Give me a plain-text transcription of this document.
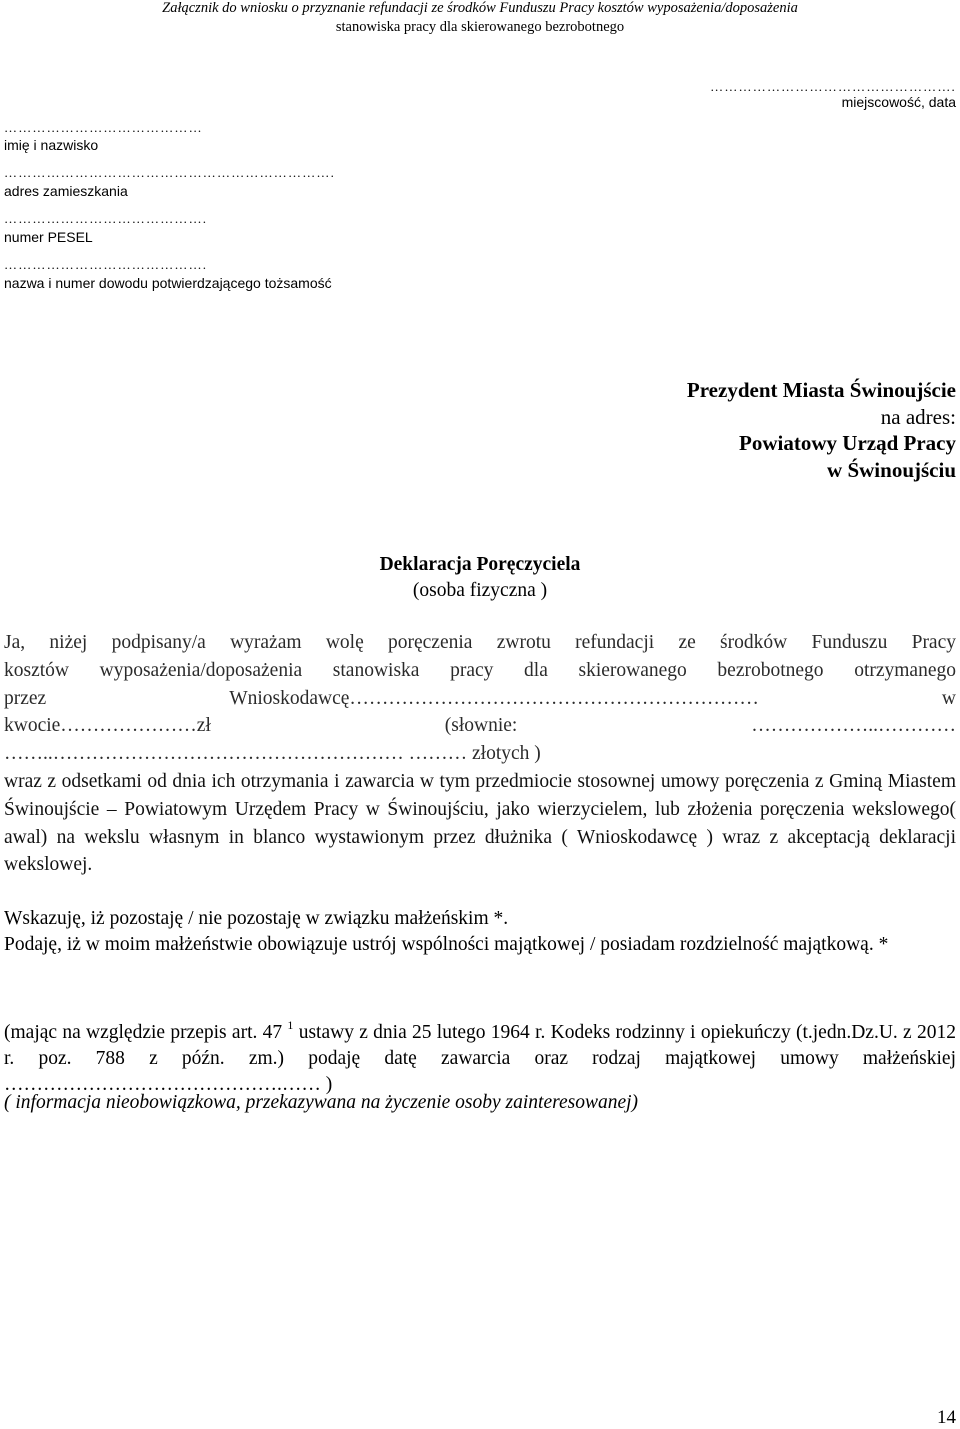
Załącznik do wniosku o przyznanie refundacji ze środków Funduszu Pracy kosztów wyposażenia/doposażenia
stanowiska pracy dla skierowanego bezrobotnego
…………………………………………….
miejscowość, data
……………………………………
imię i nazwisko
…………………………………………………………….
adres zamieszkania
…………………………………….
numer PESEL
…………………………………….
nazwa i numer dowodu potwierdzającego tożsamość
Prezydent Miasta Świnoujście
na adres:
Powiatowy Urząd Pracy
w Świnoujściu
Deklaracja Poręczyciela
(osoba fizyczna )
Ja, niżej podpisany/a wyrażam wolę poręczenia zwrotu refundacji ze środków Funduszu Pracy
kosztów wyposażenia/doposażenia stanowiska pracy dla skierowanego bezrobotnego otrzymanego
przez	Wnioskodawcę………………………………………………………	w
kwocie…………………zł	(słownie:	………………..…………
……..……………………………………………… ……… złotych )
wraz z odsetkami od dnia ich otrzymania i zawarcia w tym przedmiocie stosownej umowy poręczenia z Gminą Miastem Świnoujście – Powiatowym Urzędem Pracy w Świnoujściu, jako wierzycielem, lub złożenia poręczenia wekslowego( awal) na wekslu własnym in blanco wystawionym przez dłużnika ( Wnioskodawcę ) wraz z akceptacją deklaracji wekslowej.
Wskazuję, iż pozostaję / nie pozostaję w związku małżeńskim *.
Podaję, iż w moim małżeństwie obowiązuje ustrój wspólności majątkowej / posiadam rozdzielność majątkową. *
(mając na względzie przepis art. 47 $^1$ ustawy z dnia 25 lutego 1964 r. Kodeks rodzinny i opiekuńczy (t.jedn.Dz.U. z 2012 r. poz. 788 z późn. zm.) podaję datę zawarcia oraz rodzaj majątkowej umowy małżeńskiej …………………………………….…… )
( informacja nieobowiązkowa, przekazywana na życzenie osoby zainteresowanej)
14
